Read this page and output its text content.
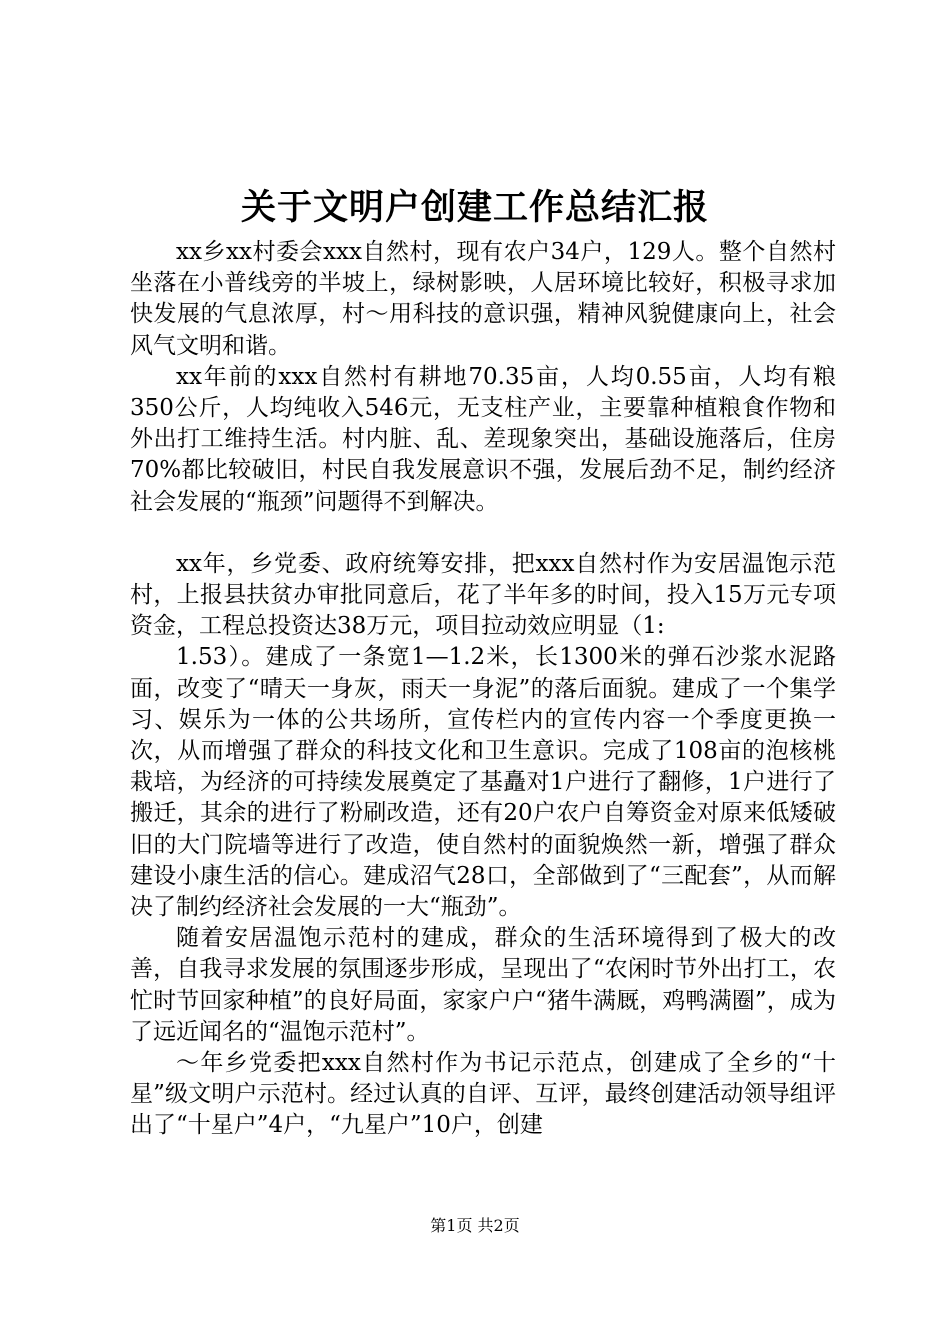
关于文明户创建工作总结汇报

xx乡xx村委会xxx自然村，现有农户34户，129人。整个自然村坐落在小普线旁的半坡上，绿树影映，人居环境比较好，积极寻求加快发展的气息浓厚，村～用科技的意识强，精神风貌健康向上，社会风气文明和谐。

xx年前的xxx自然村有耕地70.35亩，人均0.55亩，人均有粮350公斤，人均纯收入546元，无支柱产业，主要靠种植粮食作物和外出打工维持生活。村内脏、乱、差现象突出，基础设施落后，住房70%都比较破旧，村民自我发展意识不强，发展后劲不足，制约经济社会发展的“瓶颈”问题得不到解决。

xx年，乡党委、政府统筹安排，把xxx自然村作为安居温饱示范村，上报县扶贫办审批同意后，花了半年多的时间，投入15万元专项资金，工程总投资达38万元，项目拉动效应明显（1:

1.53）。建成了一条宽1—1.2米，长1300米的弹石沙浆水泥路面，改变了“晴天一身灰，雨天一身泥”的落后面貌。建成了一个集学习、娱乐为一体的公共场所，宣传栏内的宣传内容一个季度更换一次，从而增强了群众的科技文化和卫生意识。完成了108亩的泡核桃栽培，为经济的可持续发展奠定了基矗对1户进行了翻修，1户进行了搬迁，其余的进行了粉刷改造，还有20户农户自筹资金对原来低矮破旧的大门院墙等进行了改造，使自然村的面貌焕然一新，增强了群众建设小康生活的信心。建成沼气28口，全部做到了“三配套”，从而解决了制约经济社会发展的一大“瓶劲”。

随着安居温饱示范村的建成，群众的生活环境得到了极大的改善，自我寻求发展的氛围逐步形成，呈现出了“农闲时节外出打工，农忙时节回家种植”的良好局面，家家户户“猪牛满厩，鸡鸭满圈”，成为了远近闻名的“温饱示范村”。

～年乡党委把xxx自然村作为书记示范点，创建成了全乡的“十星”级文明户示范村。经过认真的自评、互评，最终创建活动领导组评出了“十星户”4户，“九星户”10户，创建

第1页 共2页
